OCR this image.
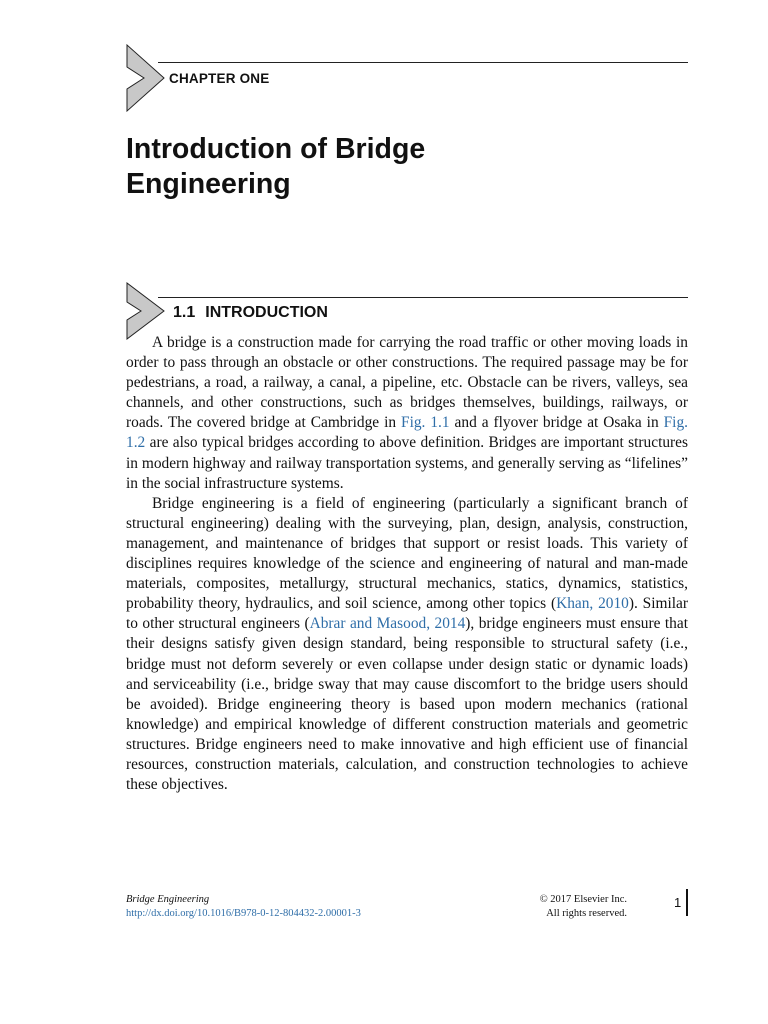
CHAPTER ONE
Introduction of Bridge
Engineering
1.1 INTRODUCTION

A bridge is a construction made for carrying the road traffic or other moving loads in order to pass through an obstacle or other constructions. The required passage may be for pedestrians, a road, a railway, a canal, a pipeline, etc. Obstacle can be rivers, valleys, sea channels, and other constructions, such as bridges themselves, buildings, railways, or roads. The covered bridge at Cambridge in Fig. 1.1 and a flyover bridge at Osaka in Fig. 1.2 are also typical bridges according to above definition. Bridges are important structures in modern highway and railway transportation systems, and generally serving as “lifelines” in the social infrastructure systems.

Bridge engineering is a field of engineering (particularly a significant branch of structural engineering) dealing with the surveying, plan, design, analysis, construction, management, and maintenance of bridges that support or resist loads. This variety of disciplines requires knowledge of the science and engineering of natural and man-made materials, composites, metallurgy, structural mechanics, statics, dynamics, statistics, probability theory, hydraulics, and soil science, among other topics (Khan, 2010). Similar to other structural engineers (Abrar and Masood, 2014), bridge engineers must ensure that their designs satisfy given design standard, being responsible to structural safety (i.e., bridge must not deform severely or even collapse under design static or dynamic loads) and serviceability (i.e., bridge sway that may cause discomfort to the bridge users should be avoided). Bridge engineering theory is based upon modern mechanics (rational knowledge) and empirical knowledge of different construction materials and geometric structures. Bridge engineers need to make innovative and high efficient use of financial resources, construction materials, calculation, and construction technologies to achieve these objectives.

Bridge Engineering
http://dx.doi.org/10.1016/B978-0-12-804432-2.00001-3
© 2017 Elsevier Inc.
All rights reserved.
1
